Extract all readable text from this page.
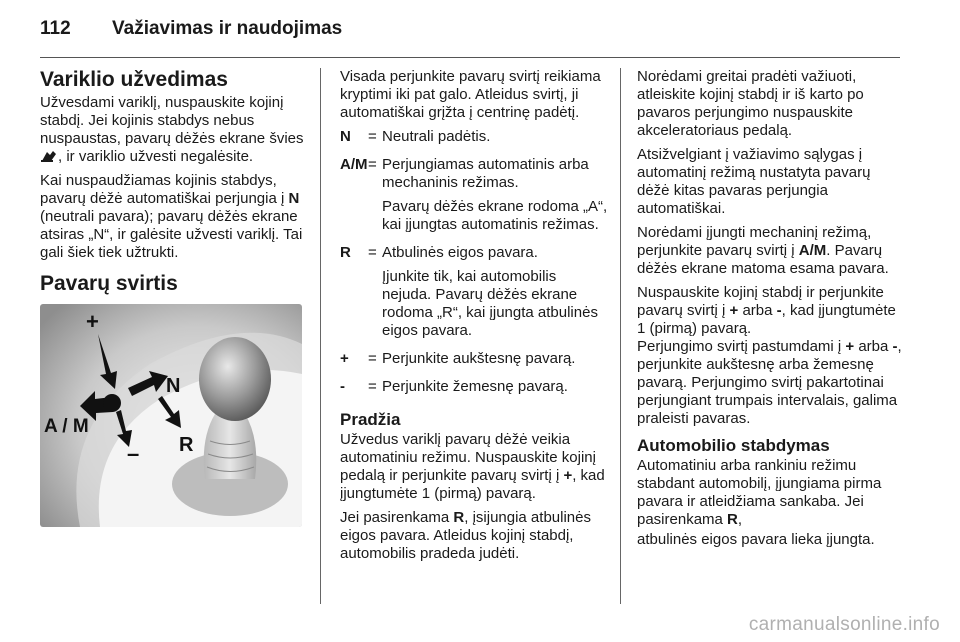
112 Važiavimas ir naudojimas
Variklio užvedimas

Užvesdami variklį, nuspauskite kojinį stabdį. Jei kojinis stabdys nebus nuspaustas, pavarų dėžės ekrane švies , ir variklio užvesti negalėsite.

Kai nuspaudžiamas kojinis stabdys, pavarų dėžė automatiškai perjungia į N (neutrali pavara); pavarų dėžės ekrane atsiras „N“, ir galėsite užvesti variklį. Tai gali šiek tiek užtrukti.

Pavarų svirtis
+
N
A / M
– R

Visada perjunkite pavarų svirtį reikiama kryptimi iki pat galo. Atleidus svirtį, ji automatiškai grįžta į centrinę padėtį.

N	= Neutrali padėtis.

A/M = Perjungiamas automatinis arba mechaninis režimas.

Pavarų dėžės ekrane rodoma „A“, kai įjungtas automatinis režimas.

R	= Atbulinės eigos pavara.

Įjunkite tik, kai automobilis nejuda. Pavarų dėžės ekrane rodoma „R“, kai įjungta atbulinės eigos pavara.

+	= Perjunkite aukštesnę pavarą.

-	= Perjunkite žemesnę pavarą.

Pradžia

Užvedus variklį pavarų dėžė veikia automatiniu režimu. Nuspauskite kojinį pedalą ir perjunkite pavarų svirtį į +, kad įjungtumėte 1 (pirmą) pavarą.

Jei pasirenkama R, įsijungia atbulinės eigos pavara. Atleidus kojinį stabdį, automobilis pradeda judėti.

Norėdami greitai pradėti važiuoti, atleiskite kojinį stabdį ir iš karto po pavaros perjungimo nuspauskite akceleratoriaus pedalą.

Atsižvelgiant į važiavimo sąlygas į automatinį režimą nustatyta pavarų dėžė kitas pavaras perjungia automatiškai.

Norėdami įjungti mechaninį režimą, perjunkite pavarų svirtį į A/M. Pavarų dėžės ekrane matoma esama pavara.

Nuspauskite kojinį stabdį ir perjunkite pavarų svirtį į + arba -, kad įjungtumėte 1 (pirmą) pavarą.

Perjungimo svirtį pastumdami į + arba -, perjunkite aukštesnę arba žemesnę pavarą. Perjungimo svirtį pakartotinai perjungiant trumpais intervalais, galima praleisti pavaras.

Automobilio stabdymas

Automatiniu arba rankiniu režimu stabdant automobilį, įjungiama pirma pavara ir atleidžiama sankaba. Jei pasirenkama R,

atbulinės eigos pavara lieka įjungta.

carmanualsonline.info
